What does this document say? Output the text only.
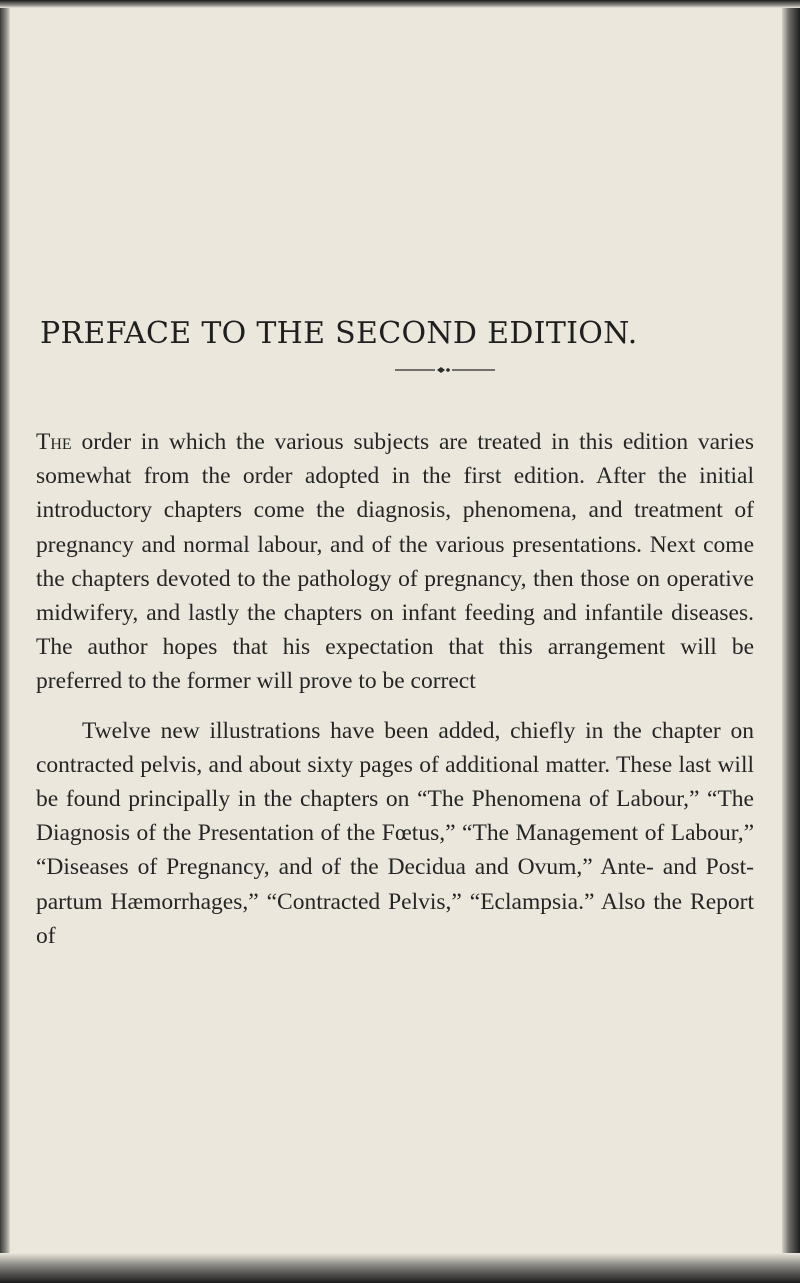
PREFACE TO THE SECOND EDITION.

The order in which the various subjects are treated in this edition varies somewhat from the order adopted in the first edition. After the initial introductory chapters come the diagnosis, phenomena, and treatment of pregnancy and normal labour, and of the various presentations. Next come the chapters devoted to the pathology of pregnancy, then those on operative midwifery, and lastly the chapters on infant feeding and infantile diseases. The author hopes that his expectation that this arrangement will be preferred to the former will prove to be correct

Twelve new illustrations have been added, chiefly in the chapter on contracted pelvis, and about sixty pages of additional matter. These last will be found principally in the chapters on “The Phenomena of Labour,” “The Diagnosis of the Presentation of the Fœtus,” “The Management of Labour,” “Diseases of Pregnancy, and of the Decidua and Ovum,” Ante- and Post-partum Hæmorrhages,” “Contracted Pelvis,” “Eclampsia.” Also the Report of
